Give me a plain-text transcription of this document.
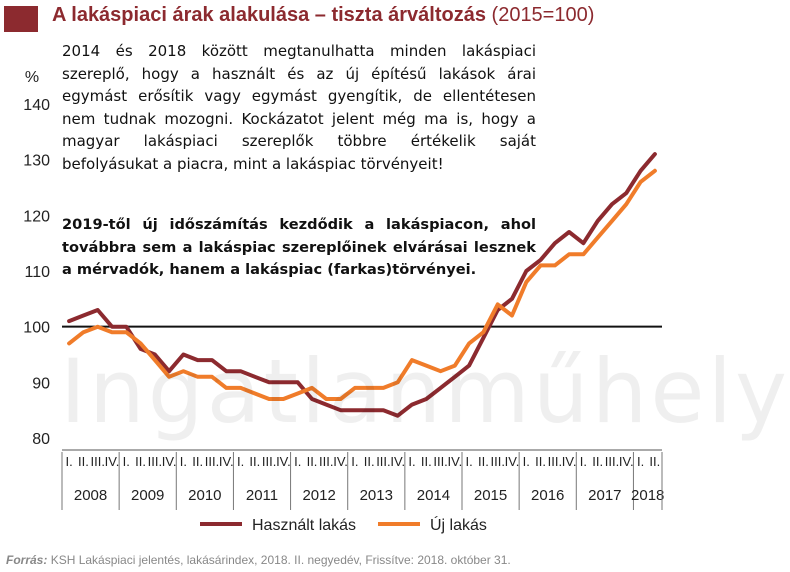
A lakáspiaci árak alakulása – tiszta árváltozás (2015=100)
80
90
100
110
120
130
140
%
I. II. III. IV. I. II. III. IV. I. II. III. IV. I. II. III. IV. I. II. III. IV. I. II. III. IV. I. II. III. IV. I. II. III. IV. I. II. III. IV. I. II. III. IV. I. II.
2008 2009 2010 2011 2012 2013 2014 2015 2016 2017 2018
Használt lakás	Új lakás
Ingatlanműhely
2014 és 2018 között megtanulhatta minden lakáspiaci szereplő, hogy a használt és az új építésű lakások árai egymást erősítik vagy egymást gyengítik, de ellentétesen nem tudnak mozogni. Kockázatot jelent még ma is, hogy a magyar lakáspiaci szereplők többre értékelik saját befolyásukat a piacra, mint a lakáspiac törvényeit!
2019-től új időszámítás kezdődik a lakáspiacon, ahol továbbra sem a lakáspiac szereplőinek elvárásai lesznek a mérvadók, hanem a lakáspiac (farkas)törvényei.
Forrás: KSH Lakáspiaci jelentés, lakásárindex, 2018. II. negyedév, Frissítve: 2018. október 31.
